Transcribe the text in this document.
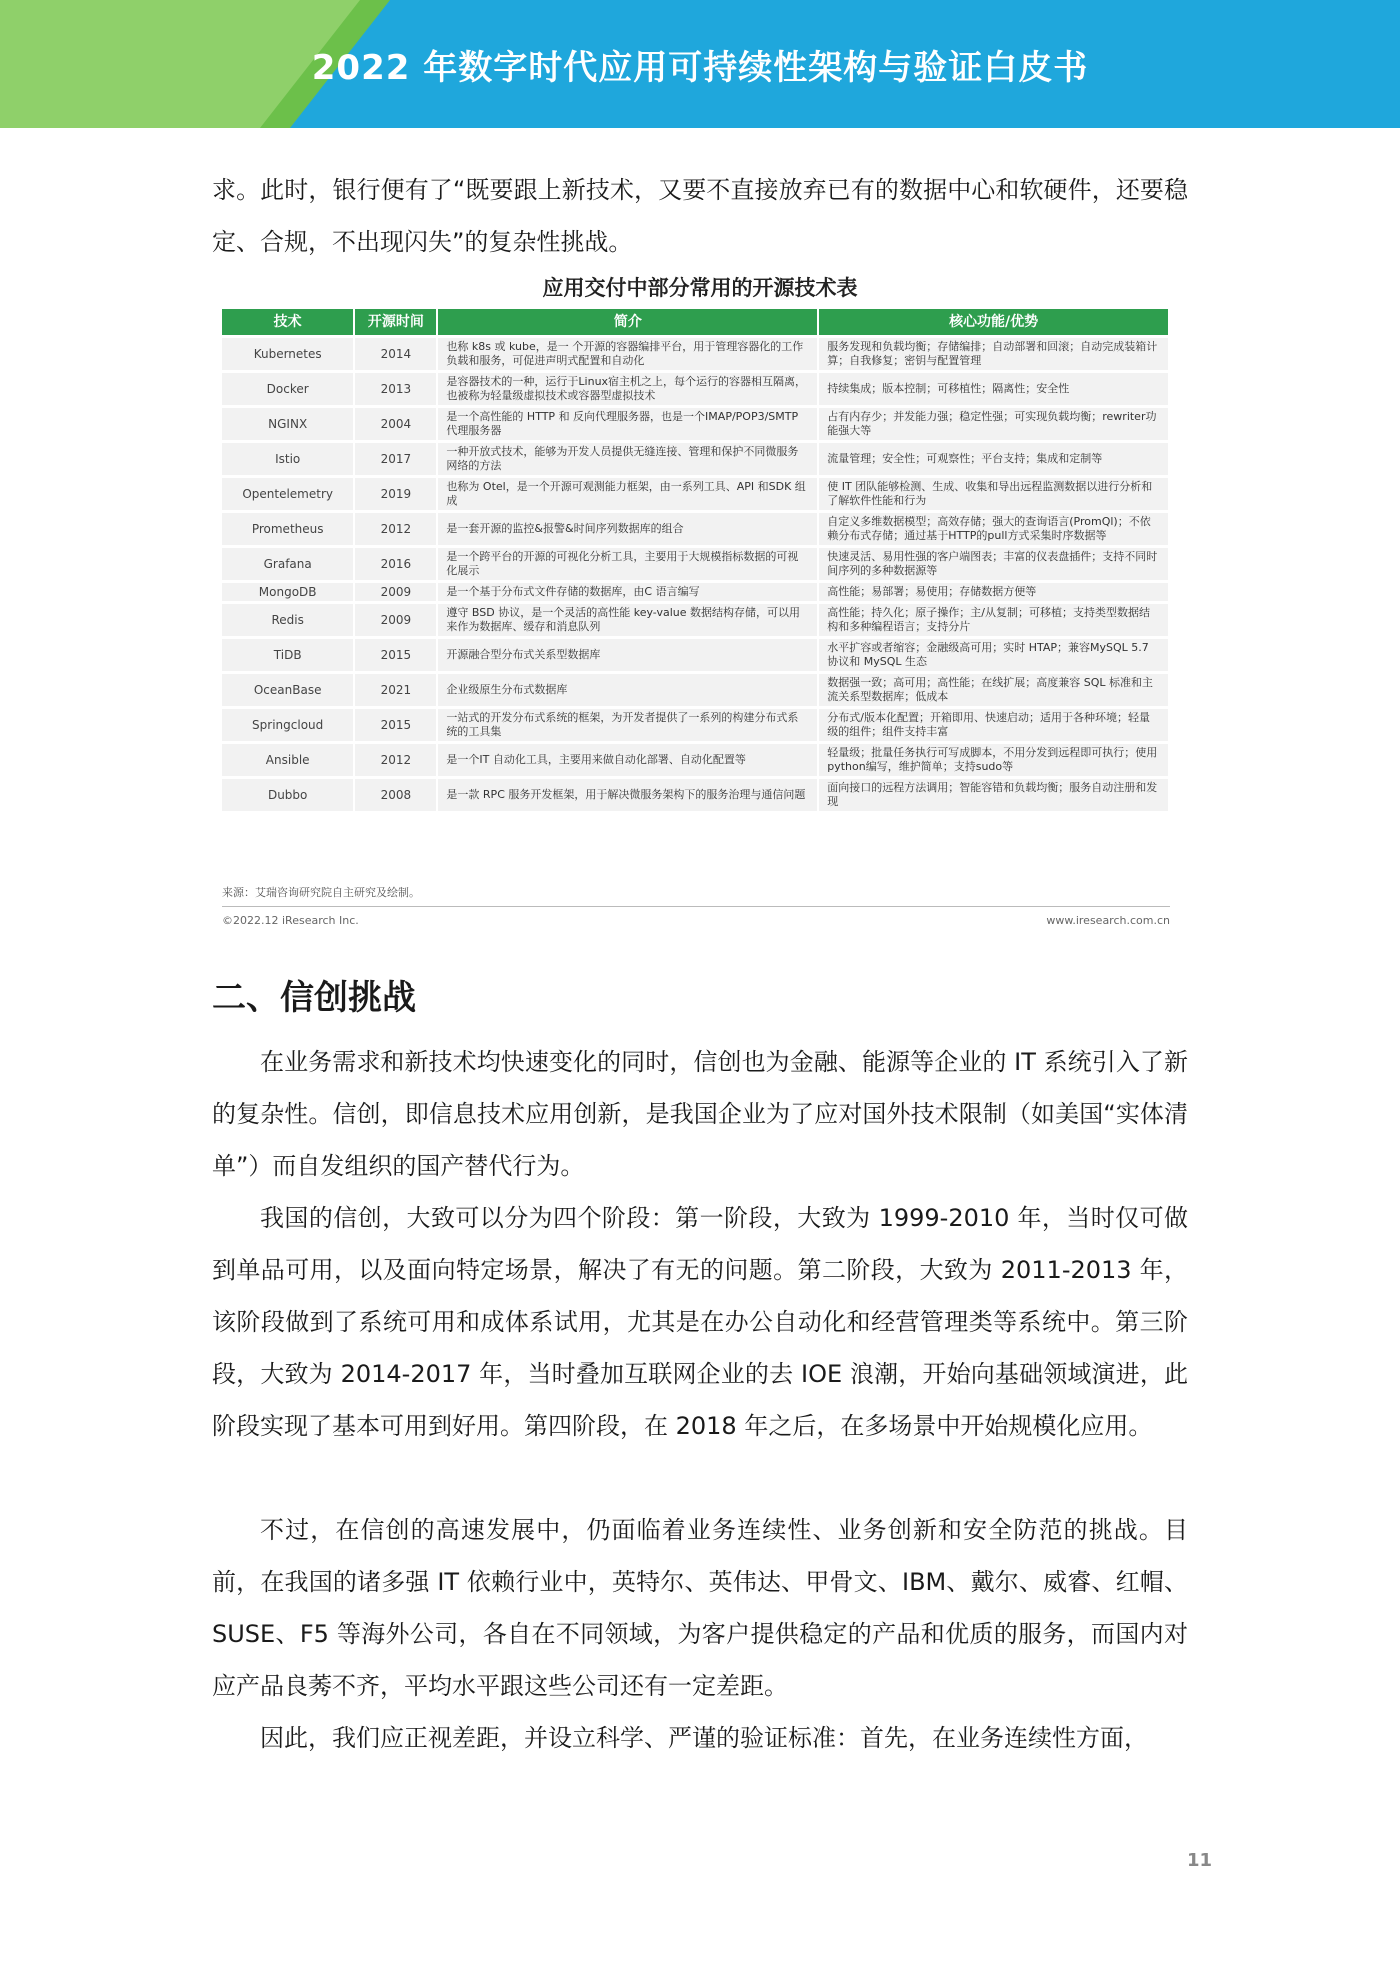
2022 年数字时代应用可持续性架构与验证白皮书

求。此时，银行便有了“既要跟上新技术，又要不直接放弃已有的数据中心和软硬件，还要稳定、合规，不出现闪失”的复杂性挑战。

应用交付中部分常用的开源技术表
技术	开源时间	简介	核心功能/优势
Kubernetes	2014	也称 k8s 或 kube，是一 个开源的容器编排平台，用于管理容器化的工作负载和服务，可促进声明式配置和自动化	服务发现和负载均衡；存储编排；自动部署和回滚；自动完成装箱计算；自我修复；密钥与配置管理
Docker	2013	是容器技术的一种，运行于Linux宿主机之上，每个运行的容器相互隔离，也被称为轻量级虚拟技术或容器型虚拟技术	持续集成；版本控制；可移植性；隔离性；安全性
NGINX	2004	是一个高性能的 HTTP 和 反向代理服务器，也是一个IMAP/POP3/SMTP 代理服务器	占有内存少；并发能力强；稳定性强；可实现负载均衡；rewriter功能强大等
Istio	2017	一种开放式技术，能够为开发人员提供无缝连接、管理和保护不同微服务网络的方法	流量管理；安全性；可观察性；平台支持；集成和定制等
Opentelemetry	2019	也称为 Otel，是一个开源可观测能力框架，由一系列工具、API 和SDK 组成	使 IT 团队能够检测、生成、收集和导出远程监测数据以进行分析和了解软件性能和行为
Prometheus	2012	是一套开源的监控&报警&时间序列数据库的组合	自定义多维数据模型；高效存储；强大的查询语言(PromQl)；不依赖分布式存储；通过基于HTTP的pull方式采集时序数据等
Grafana	2016	是一个跨平台的开源的可视化分析工具，主要用于大规模指标数据的可视化展示	快速灵活、易用性强的客户端图表；丰富的仪表盘插件；支持不同时间序列的多种数据源等
MongoDB	2009	是一个基于分布式文件存储的数据库，由C 语言编写	高性能；易部署；易使用；存储数据方便等
Redis	2009	遵守 BSD 协议，是一个灵活的高性能 key-value 数据结构存储，可以用来作为数据库、缓存和消息队列	高性能；持久化；原子操作；主/从复制；可移植；支持类型数据结构和多种编程语言；支持分片
TiDB	2015	开源融合型分布式关系型数据库	水平扩容或者缩容；金融级高可用；实时 HTAP；兼容MySQL 5.7 协议和 MySQL 生态
OceanBase	2021	企业级原生分布式数据库	数据强一致；高可用；高性能；在线扩展；高度兼容 SQL 标准和主流关系型数据库；低成本
Springcloud	2015	一站式的开发分布式系统的框架，为开发者提供了一系列的构建分布式系统的工具集	分布式/版本化配置；开箱即用、快速启动；适用于各种环境；轻量级的组件；组件支持丰富
Ansible	2012	是一个IT 自动化工具，主要用来做自动化部署、自动化配置等	轻量级；批量任务执行可写成脚本，不用分发到远程即可执行；使用python编写，维护简单；支持sudo等
Dubbo	2008	是一款 RPC 服务开发框架，用于解决微服务架构下的服务治理与通信问题	面向接口的远程方法调用；智能容错和负载均衡；服务自动注册和发现
来源：艾瑞咨询研究院自主研究及绘制。
©2022.12 iResearch Inc.	www.iresearch.com.cn
二、信创挑战

在业务需求和新技术均快速变化的同时，信创也为金融、能源等企业的 IT 系统引入了新的复杂性。信创，即信息技术应用创新，是我国企业为了应对国外技术限制（如美国“实体清单”）而自发组织的国产替代行为。

我国的信创，大致可以分为四个阶段：第一阶段，大致为 1999-2010 年，当时仅可做到单品可用，以及面向特定场景，解决了有无的问题。第二阶段，大致为 2011-2013 年，该阶段做到了系统可用和成体系试用，尤其是在办公自动化和经营管理类等系统中。第三阶段，大致为 2014-2017 年，当时叠加互联网企业的去 IOE 浪潮，开始向基础领域演进，此阶段实现了基本可用到好用。第四阶段，在 2018 年之后，在多场景中开始规模化应用。

不过，在信创的高速发展中，仍面临着业务连续性、业务创新和安全防范的挑战。目前，在我国的诸多强 IT 依赖行业中，英特尔、英伟达、甲骨文、IBM、戴尔、威睿、红帽、SUSE、F5 等海外公司，各自在不同领域，为客户提供稳定的产品和优质的服务，而国内对应产品良莠不齐，平均水平跟这些公司还有一定差距。

因此，我们应正视差距，并设立科学、严谨的验证标准：首先，在业务连续性方面，

11
